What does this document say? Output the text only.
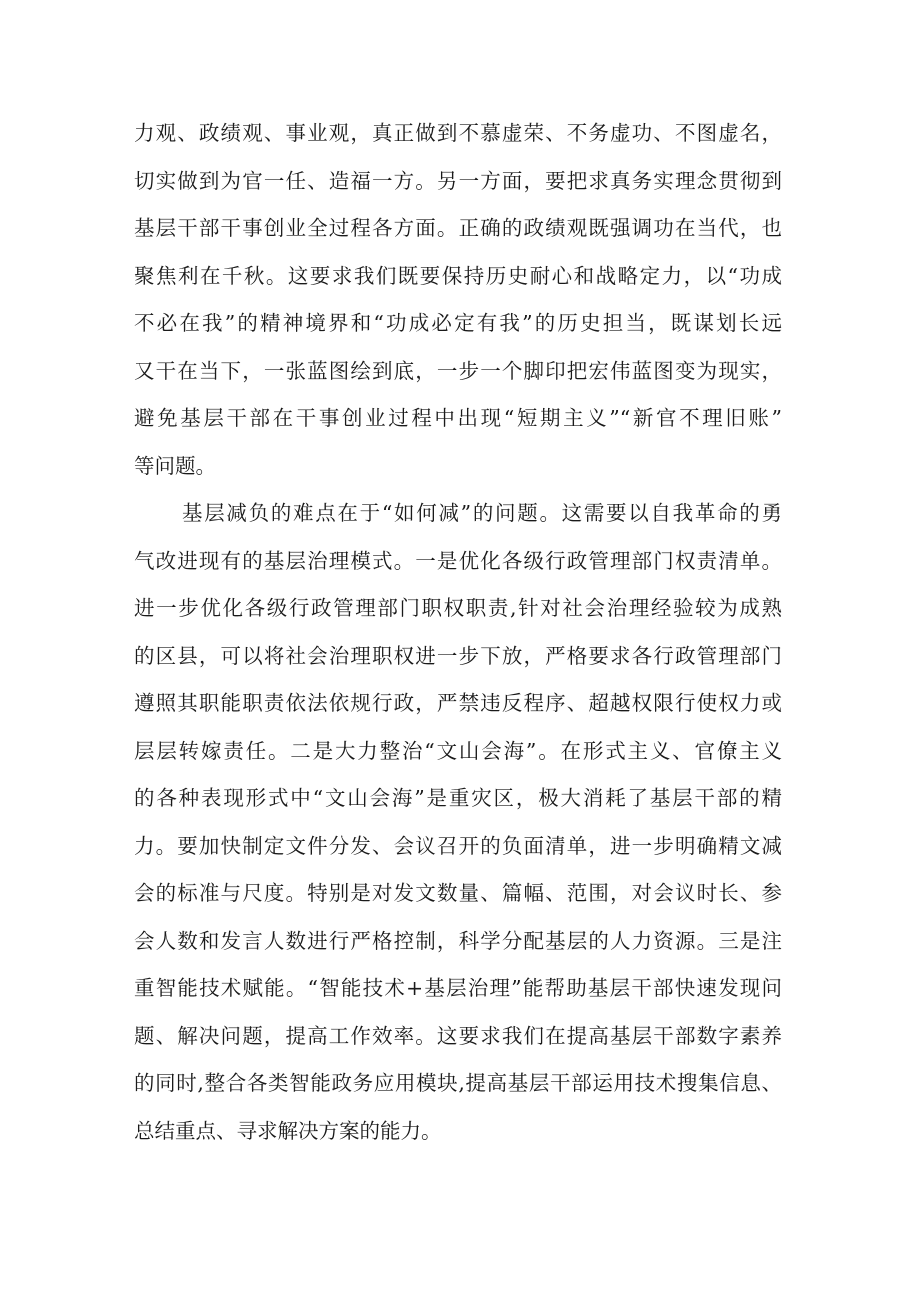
力观、政绩观、事业观，真正做到不慕虚荣、不务虚功、不图虚名，
切实做到为官一任、造福一方。另一方面，要把求真务实理念贯彻到
基层干部干事创业全过程各方面。正确的政绩观既强调功在当代，也
聚焦利在千秋。这要求我们既要保持历史耐心和战略定力，以“功成
不必在我”的精神境界和“功成必定有我”的历史担当，既谋划长远
又干在当下，一张蓝图绘到底，一步一个脚印把宏伟蓝图变为现实，
避免基层干部在干事创业过程中出现“短期主义”“新官不理旧账”
等问题。
基层减负的难点在于“如何减”的问题。这需要以自我革命的勇
气改进现有的基层治理模式。一是优化各级行政管理部门权责清单。
进一步优化各级行政管理部门职权职责,针对社会治理经验较为成熟
的区县，可以将社会治理职权进一步下放，严格要求各行政管理部门
遵照其职能职责依法依规行政，严禁违反程序、超越权限行使权力或
层层转嫁责任。二是大力整治“文山会海”。在形式主义、官僚主义
的各种表现形式中“文山会海”是重灾区，极大消耗了基层干部的精
力。要加快制定文件分发、会议召开的负面清单，进一步明确精文减
会的标准与尺度。特别是对发文数量、篇幅、范围，对会议时长、参
会人数和发言人数进行严格控制，科学分配基层的人力资源。三是注
重智能技术赋能。“智能技术+基层治理”能帮助基层干部快速发现问
题、解决问题，提高工作效率。这要求我们在提高基层干部数字素养
的同时,整合各类智能政务应用模块,提高基层干部运用技术搜集信息、
总结重点、寻求解决方案的能力。
